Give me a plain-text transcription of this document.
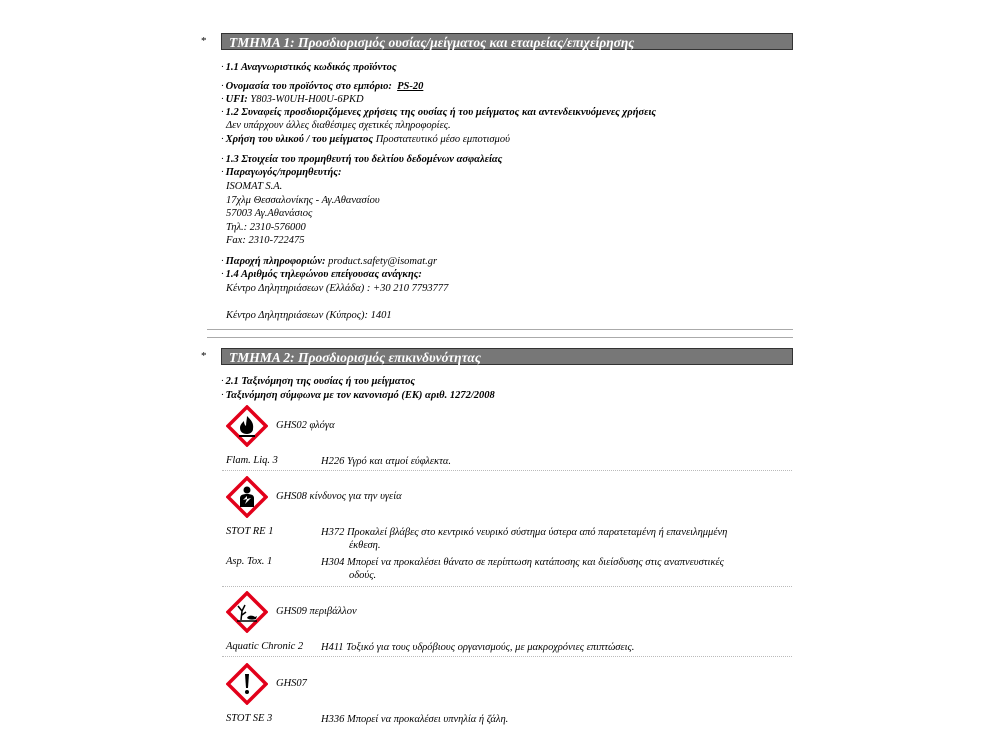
*	ΤΜΗΜΑ 1: Προσδιορισμός ουσίας/μείγματος και εταιρείας/επιχείρησης
· 1.1 Αναγνωριστικός κωδικός προϊόντος
· Ονομασία του προϊόντος στο εμπόριο: PS-20
· UFI: Y803-W0UH-H00U-6PKD
· 1.2 Συναφείς προσδιοριζόμενες χρήσεις της ουσίας ή του μείγματος και αντενδεικνυόμενες χρήσεις
Δεν υπάρχουν άλλες διαθέσιμες σχετικές πληροφορίες.
· Χρήση του υλικού / του μείγματος Προστατευτικό μέσο εμποτισμού
· 1.3 Στοιχεία του προμηθευτή του δελτίου δεδομένων ασφαλείας
· Παραγωγός/προμηθευτής:
ISOMAT S.A.
17χλμ Θεσσαλονίκης - Αγ.Αθανασίου
57003 Αγ.Αθανάσιος
Τηλ.: 2310-576000
Fax: 2310-722475
· Παροχή πληροφοριών: product.safety@isomat.gr
· 1.4 Αριθμός τηλεφώνου επείγουσας ανάγκης:
Κέντρο Δηλητηριάσεων (Ελλάδα) : +30 210 7793777
Κέντρο Δηλητηριάσεων (Κύπρος): 1401
*	ΤΜΗΜΑ 2: Προσδιορισμός επικινδυνότητας
· 2.1 Ταξινόμηση της ουσίας ή του μείγματος
· Ταξινόμηση σύμφωνα με τον κανονισμό (ΕΚ) αριθ. 1272/2008
GHS02 φλόγα
Flam. Liq. 3	H226 Υγρό και ατμοί εύφλεκτα.
GHS08 κίνδυνος για την υγεία
STOT RE 1	H372 Προκαλεί βλάβες στο κεντρικό νευρικό σύστημα ύστερα από παρατεταμένη ή επανειλημμένη
έκθεση.
Asp. Tox. 1	H304 Μπορεί να προκαλέσει θάνατο σε περίπτωση κατάποσης και διείσδυσης στις αναπνευστικές
οδούς.
GHS09 περιβάλλον
Aquatic Chronic 2 H411 Τοξικό για τους υδρόβιους οργανισμούς, με μακροχρόνιες επιπτώσεις.
GHS07
STOT SE 3	H336 Μπορεί να προκαλέσει υπνηλία ή ζάλη.
